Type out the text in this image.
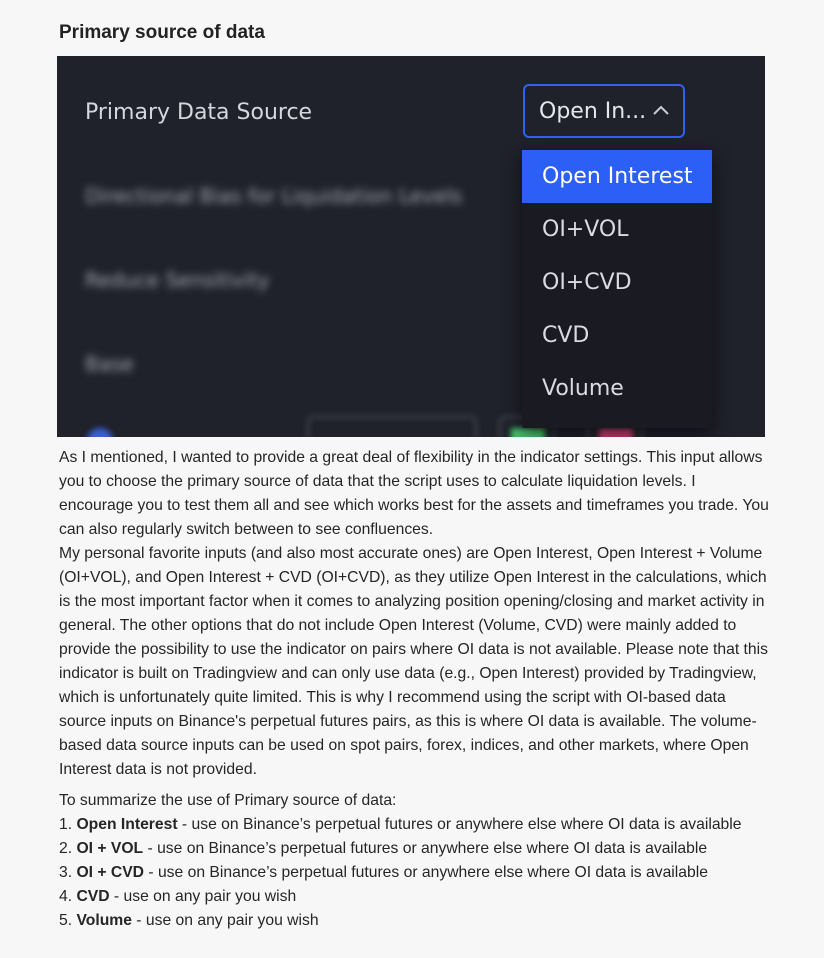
Primary source of data
Primary Data Source	Open In...
Directional Bias for Liquidation Levels
Reduce Sensitivity
Base
Open Interest
OI+VOL
OI+CVD
CVD
Volume

As I mentioned, I wanted to provide a great deal of flexibility in the indicator settings. This input allows you to choose the primary source of data that the script uses to calculate liquidation levels. I encourage you to test them all and see which works best for the assets and timeframes you trade. You can also regularly switch between to see confluences.

My personal favorite inputs (and also most accurate ones) are Open Interest, Open Interest + Volume (OI+VOL), and Open Interest + CVD (OI+CVD), as they utilize Open Interest in the calculations, which is the most important factor when it comes to analyzing position opening/closing and market activity in general. The other options that do not include Open Interest (Volume, CVD) were mainly added to provide the possibility to use the indicator on pairs where OI data is not available. Please note that this indicator is built on Tradingview and can only use data (e.g., Open Interest) provided by Tradingview, which is unfortunately quite limited. This is why I recommend using the script with OI-based data source inputs on Binance's perpetual futures pairs, as this is where OI data is available. The volume-based data source inputs can be used on spot pairs, forex, indices, and other markets, where Open Interest data is not provided.

To summarize the use of Primary source of data:

1. Open Interest - use on Binance’s perpetual futures or anywhere else where OI data is available
2. OI + VOL - use on Binance’s perpetual futures or anywhere else where OI data is available
3. OI + CVD - use on Binance’s perpetual futures or anywhere else where OI data is available
4. CVD - use on any pair you wish
5. Volume - use on any pair you wish
